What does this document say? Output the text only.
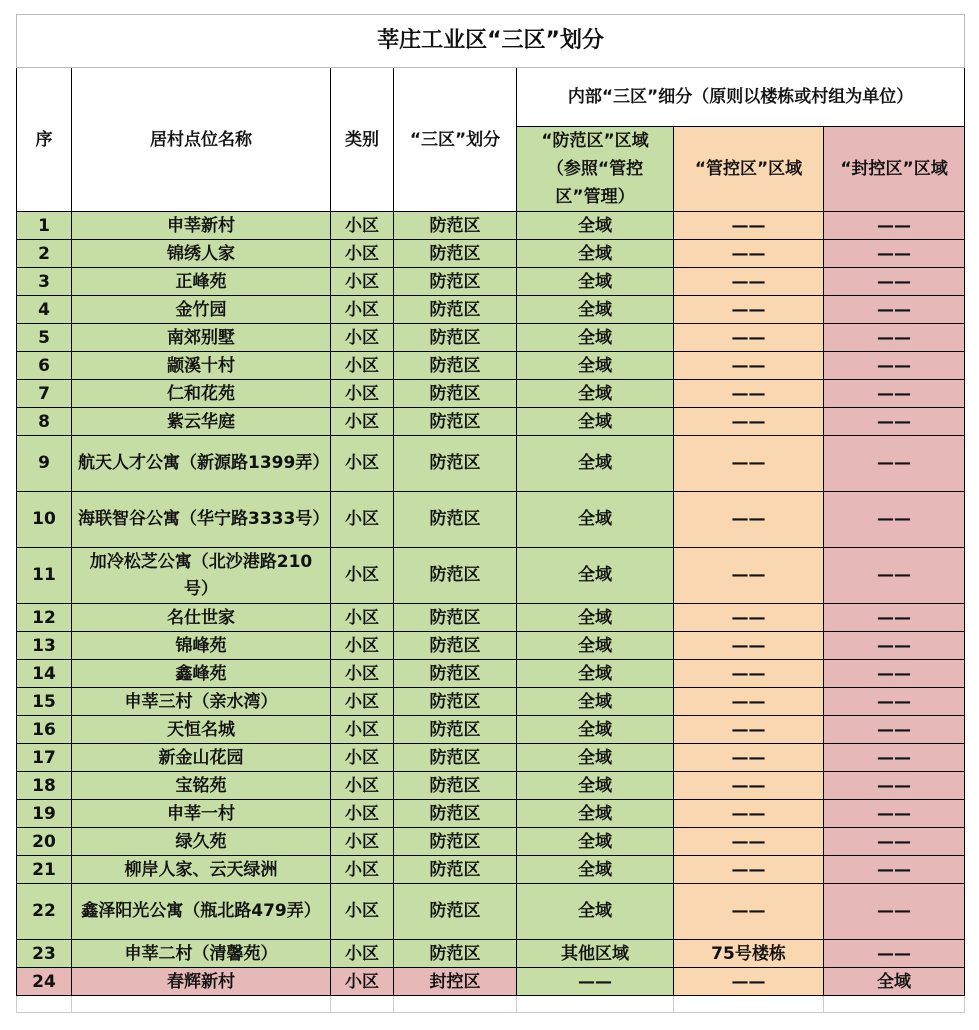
莘庄工业区“三区”划分						
序	居村点位名称	类别	“三区”划分	内部“三区”细分（原则以楼栋或村组为单位）		
				“防范区”区域（参照“管控区”管理）	“管控区”区域	“封控区”区域
1	申莘新村	小区	防范区	全域	——	——
2	锦绣人家	小区	防范区	全域	——	——
3	正峰苑	小区	防范区	全域	——	——
4	金竹园	小区	防范区	全域	——	——
5	南郊别墅	小区	防范区	全域	——	——
6	颛溪十村	小区	防范区	全域	——	——
7	仁和花苑	小区	防范区	全域	——	——
8	紫云华庭	小区	防范区	全域	——	——
9	航天人才公寓（新源路1399弄）	小区	防范区	全域	——	——
10	海联智谷公寓（华宁路3333号）	小区	防范区	全域	——	——
11	加冷松芝公寓（北沙港路210号）	小区	防范区	全域	——	——
12	名仕世家	小区	防范区	全域	——	——
13	锦峰苑	小区	防范区	全域	——	——
14	鑫峰苑	小区	防范区	全域	——	——
15	申莘三村（亲水湾）	小区	防范区	全域	——	——
16	天恒名城	小区	防范区	全域	——	——
17	新金山花园	小区	防范区	全域	——	——
18	宝铭苑	小区	防范区	全域	——	——
19	申莘一村	小区	防范区	全域	——	——
20	绿久苑	小区	防范区	全域	——	——
21	柳岸人家、云天绿洲	小区	防范区	全域	——	——
22	鑫泽阳光公寓（瓶北路479弄）	小区	防范区	全域	——	——
23	申莘二村（清馨苑）	小区	防范区	其他区域	75号楼栋	——
24	春辉新村	小区	封控区	——	——	全域
